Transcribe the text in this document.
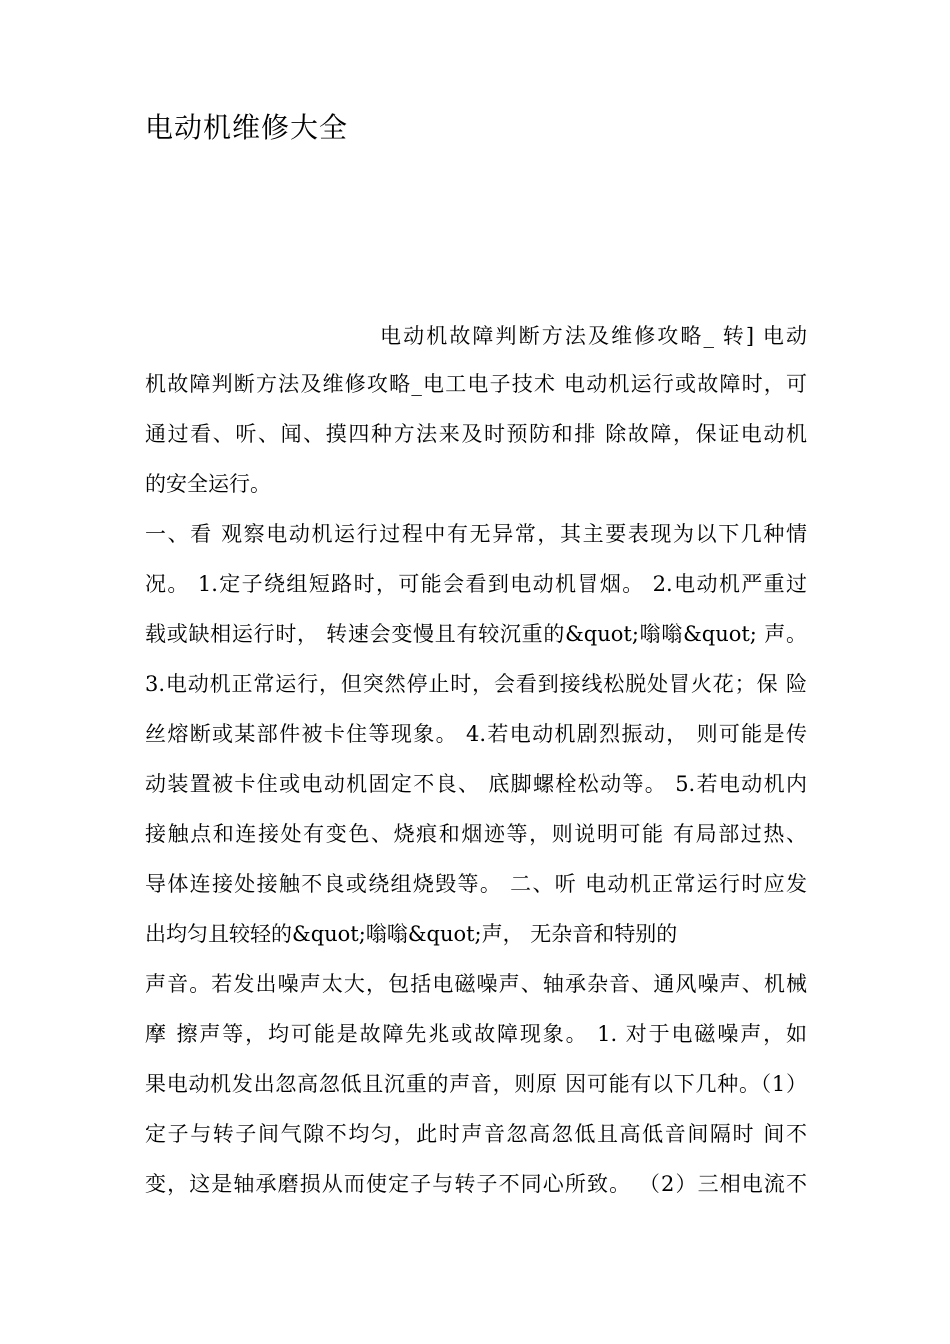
电动机维修大全
电动机故障判断方法及维修攻略_ 转] 电动
机故障判断方法及维修攻略_电工电子技术 电动机运行或故障时，可
通过看、听、闻、摸四种方法来及时预防和排 除故障，保证电动机
的安全运行。
一、看 观察电动机运行过程中有无异常，其主要表现为以下几种情
况。 1.定子绕组短路时，可能会看到电动机冒烟。 2.电动机严重过
载或缺相运行时， 转速会变慢且有较沉重的&quot;嗡嗡&quot; 声。
3.电动机正常运行，但突然停止时，会看到接线松脱处冒火花；保 险
丝熔断或某部件被卡住等现象。 4.若电动机剧烈振动， 则可能是传
动装置被卡住或电动机固定不良、 底脚螺栓松动等。 5.若电动机内
接触点和连接处有变色、烧痕和烟迹等，则说明可能 有局部过热、
导体连接处接触不良或绕组烧毁等。 二、听 电动机正常运行时应发
出均匀且较轻的&quot;嗡嗡&quot;声， 无杂音和特别的
声音。若发出噪声太大，包括电磁噪声、轴承杂音、通风噪声、机械
摩 擦声等，均可能是故障先兆或故障现象。 1. 对于电磁噪声，如
果电动机发出忽高忽低且沉重的声音，则原 因可能有以下几种。（1）
定子与转子间气隙不均匀，此时声音忽高忽低且高低音间隔时 间不
变，这是轴承磨损从而使定子与转子不同心所致。 （2）三相电流不
